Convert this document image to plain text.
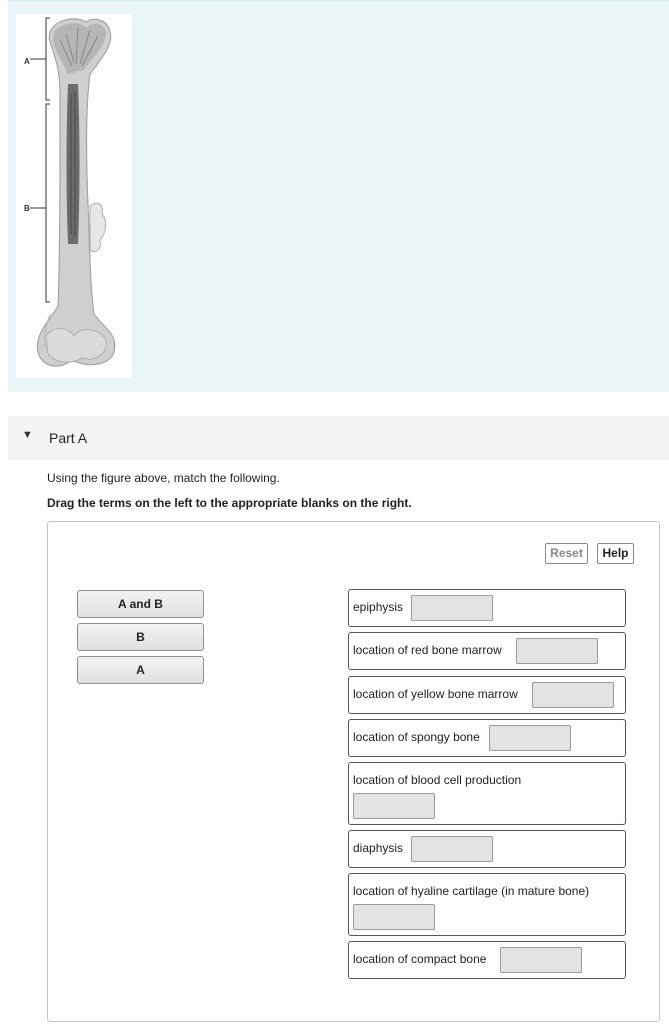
A
B
▼ Part A
Using the figure above, match the following.
Drag the terms on the left to the appropriate blanks on the right.
Reset	Help
A and B
B
A
epiphysis
location of red bone marrow
location of yellow bone marrow
location of spongy bone
location of blood cell production
diaphysis
location of hyaline cartilage (in mature bone)
location of compact bone
